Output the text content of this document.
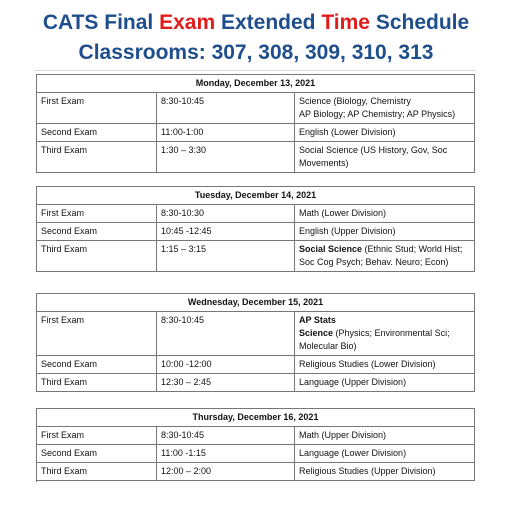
CATS Final Exam Extended Time Schedule
Classrooms: 307, 308, 309, 310, 313
Monday, December 13, 2021		
First Exam	8:30-10:45	Science (Biology, Chemistry
AP Biology; AP Chemistry; AP Physics)
Second Exam	11:00-1:00	English (Lower Division)
Third Exam	1:30 – 3:30	Social Science (US History, Gov, Soc
Movements)
Tuesday, December 14, 2021		
First Exam	8:30-10:30	Math (Lower Division)
Second Exam	10:45 -12:45	English (Upper Division)
Third Exam	1:15 – 3:15	Social Science (Ethnic Stud; World Hist;
Soc Cog Psych; Behav. Neuro; Econ)
Wednesday, December 15, 2021		
First Exam	8:30-10:45	AP Stats
Science (Physics; Environmental Sci;
Molecular Bio)
Second Exam	10:00 -12:00	Religious Studies (Lower Division)
Third Exam	12:30 – 2:45	Language (Upper Division)
Thursday, December 16, 2021		
First Exam	8:30-10:45	Math (Upper Division)
Second Exam	11:00 -1:15	Language (Lower Division)
Third Exam	12:00 – 2:00	Religious Studies (Upper Division)
